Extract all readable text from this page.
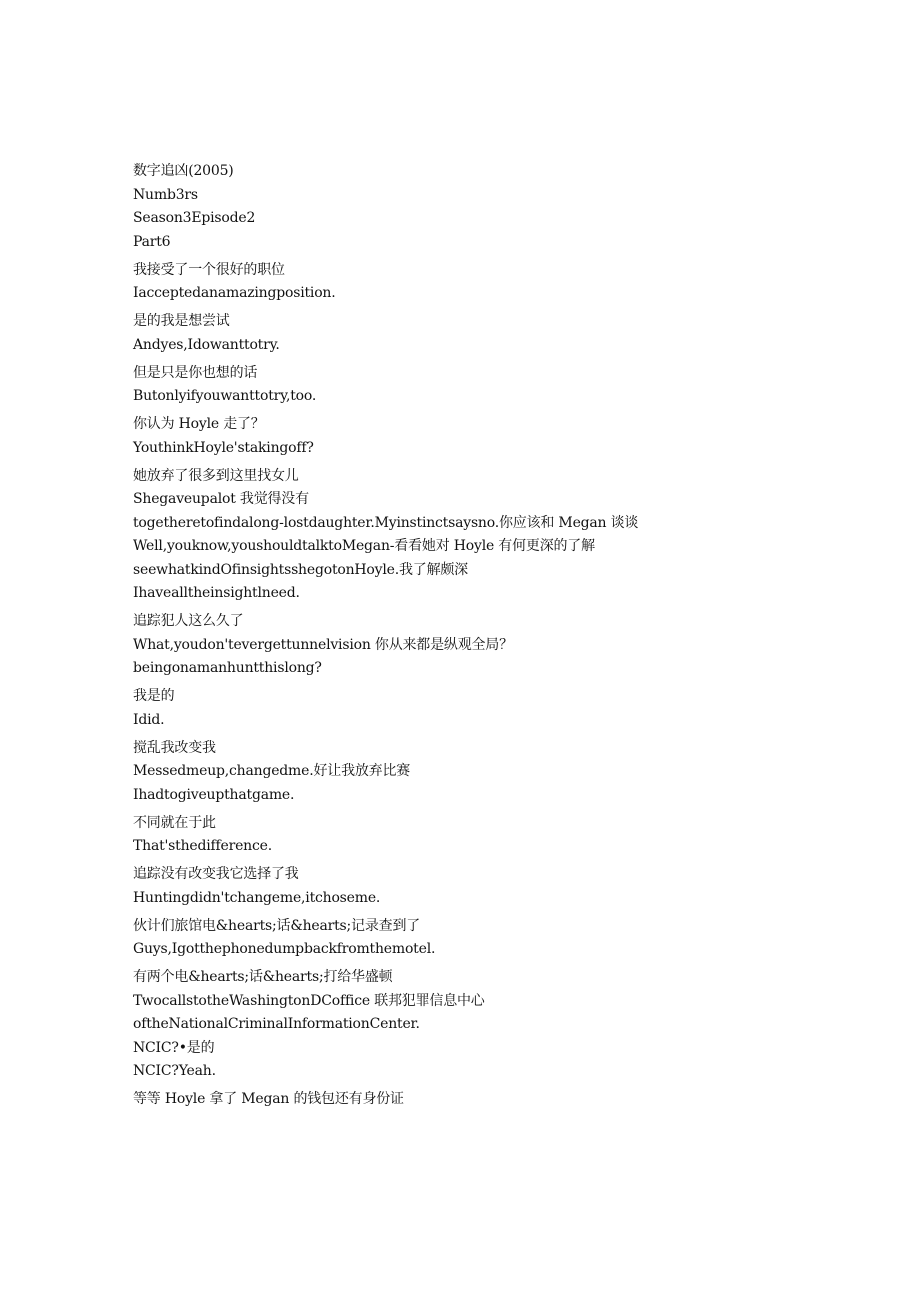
数字追凶(2005)
Numb3rs
Season3Episode2
Part6
我接受了一个很好的职位
Iacceptedanamazingposition.
是的我是想尝试
Andyes,Idowanttotry.
但是只是你也想的话
Butonlyifyouwanttotry,too.
你认为 Hoyle 走了？
YouthinkHoyle'stakingoff?
她放弃了很多到这里找女儿
Shegaveupalot 我觉得没有
togetheretofindalong-lostdaughter.Myinstinctsaysno.你应该和 Megan 谈谈
Well,youknow,youshouldtalktoMegan-看看她对 Hoyle 有何更深的了解
seewhatkindOfinsightsshegotonHoyle.我了解颇深
Ihavealltheinsightlneed.
追踪犯人这么久了
What,youdon'tevergettunnelvision 你从来都是纵观全局？
beingonamanhuntthislong?
我是的
Idid.
搅乱我改变我
Messedmeup,changedme.好让我放弃比赛
Ihadtogiveupthatgame.
不同就在于此
That'sthedifference.
追踪没有改变我它选择了我
Huntingdidn'tchangeme,itchoseme.
伙计们旅馆电&hearts;话&hearts;记录查到了
Guys,Igotthephonedumpbackfromthemotel.
有两个电&hearts;话&hearts;打给华盛顿
TwocallstotheWashingtonDCoffice 联邦犯罪信息中心
oftheNationalCriminalInformationCenter.
NCIC?•是的
NCIC?Yeah.
等等 Hoyle 拿了 Megan 的钱包还有身份证
